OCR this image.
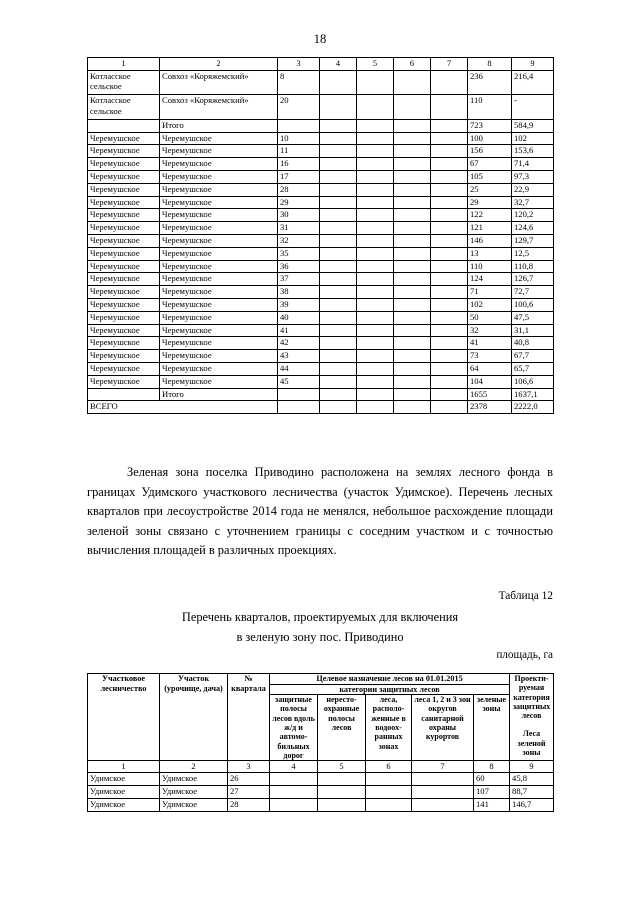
18
1	2	3	4	5	6	7	8	9
Котласское сельское	Совхоз «Коряжемский»	8					236	216,4
Котласское сельское	Совхоз «Коряжемский»	20					110	-
	Итого						723	584,9
Черемушское	Черемушское	10					100	102
Черемушское	Черемушское	11					156	153,6
Черемушское	Черемушское	16					67	71,4
Черемушское	Черемушское	17					105	97,3
Черемушское	Черемушское	28					25	22,9
Черемушское	Черемушское	29					29	32,7
Черемушское	Черемушское	30					122	120,2
Черемушское	Черемушское	31					121	124,6
Черемушское	Черемушское	32					146	129,7
Черемушское	Черемушское	35					13	12,5
Черемушское	Черемушское	36					110	110,8
Черемушское	Черемушское	37					124	126,7
Черемушское	Черемушское	38					71	72,7
Черемушское	Черемушское	39					102	100,6
Черемушское	Черемушское	40					50	47,5
Черемушское	Черемушское	41					32	31,1
Черемушское	Черемушское	42					41	40,8
Черемушское	Черемушское	43					73	67,7
Черемушское	Черемушское	44					64	65,7
Черемушское	Черемушское	45					104	106,6
	Итого						1655	1637,1
ВСЕГО							2378	2222,0
Зеленая зона поселка Приводино расположена на землях лесного фонда в границах Удимского участкового лесничества (участок Удимское). Перечень лесных кварталов при лесоустройстве 2014 года не менялся, небольшое расхождение площади зеленой зоны связано с уточнением границы с соседним участком и с точностью вычисления площадей в различных проекциях.
Таблица 12
Перечень кварталов, проектируемых для включения
в зеленую зону пос. Приводино
площадь, га
Участковое лесничество	Участок (урочище, дача)	№ квартала	Целевое назначение лесов на 01.01.2015					Проекти-руемая категория защитных лесов
Леса зеленой зоны
			категории защитных лесов					
			защитные полосы лесов вдоль ж/д и автомо-бильных дорог	нересто-охранные полосы лесов	леса, располо-женные в водоох-ранных зонах	леса 1, 2 и 3 зон округов санитарной охраны курортов	зеленые зоны	
1	2	3	4	5	6	7	8	9
Удимское	Удимское	26					60	45,8
Удимское	Удимское	27					107	88,7
Удимское	Удимское	28					141	146,7
